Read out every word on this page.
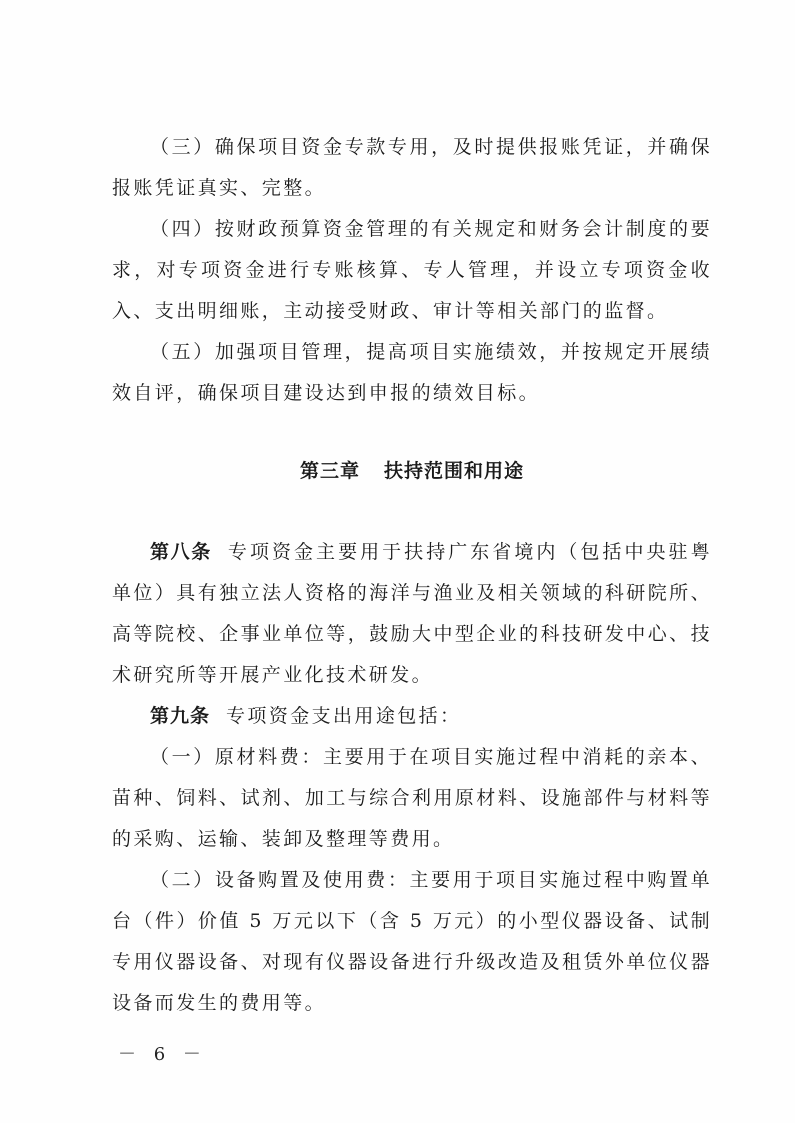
（三）确保项目资金专款专用，及时提供报账凭证，并确保报账凭证真实、完整。

（四）按财政预算资金管理的有关规定和财务会计制度的要求，对专项资金进行专账核算、专人管理，并设立专项资金收入、支出明细账，主动接受财政、审计等相关部门的监督。

（五）加强项目管理，提高项目实施绩效，并按规定开展绩效自评，确保项目建设达到申报的绩效目标。

第三章 扶持范围和用途

第八条 专项资金主要用于扶持广东省境内（包括中央驻粤单位）具有独立法人资格的海洋与渔业及相关领域的科研院所、高等院校、企事业单位等，鼓励大中型企业的科技研发中心、技术研究所等开展产业化技术研发。

第九条 专项资金支出用途包括：

（一）原材料费：主要用于在项目实施过程中消耗的亲本、苗种、饲料、试剂、加工与综合利用原材料、设施部件与材料等的采购、运输、装卸及整理等费用。

（二）设备购置及使用费：主要用于项目实施过程中购置单台（件）价值 5 万元以下（含 5 万元）的小型仪器设备、试制专用仪器设备、对现有仪器设备进行升级改造及租赁外单位仪器设备而发生的费用等。

－ 6 －
